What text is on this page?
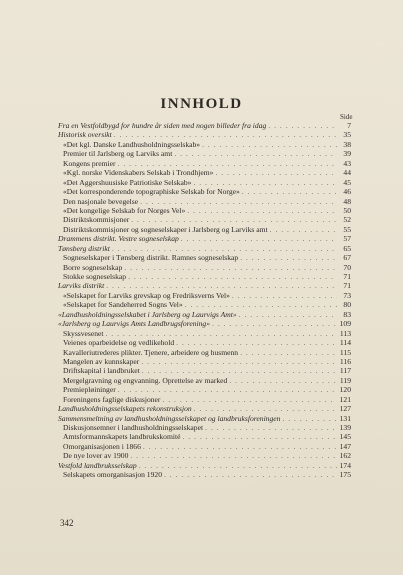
INNHOLD
Side
Fra en Vestfoldbygd for hundre år siden med nogen billeder fra idag . . .	7
Historisk oversikt . . .	35
«Det kgl. Danske Landhusholdningsselskab» . . .	38
Premier til Jarlsberg og Larviks amt . . .	39
Kongens premier . . .	43
«Kgl. norske Videnskabers Selskab i Trondhjem» . . .	44
«Det Aggershuusiske Patriotiske Selskab» . . .	45
«Det korresponderende topographiske Selskab for Norge» . . .	46
Den nasjonale bevegelse . . .	48
«Det kongelige Selskab for Norges Vel» . . .	50
Distriktskommisjoner . . .	52
Distriktskommisjoner og sogneselskaper i Jarlsberg og Larviks amt . . .	55
Drammens distrikt. Vestre sogneselskap . . .	57
Tønsberg distrikt . . .	65
Sogneselskaper i Tønsberg distrikt. Ramnes sogneselskap . . .	67
Borre sogneselskap . . .	70
Stokke sogneselskap . . .	71
Larviks distrikt . . .	71
«Selskapet for Larviks grevskap og Fredriksverns Vel» . . .	73
«Selskapet for Sandeherred Sogns Vel» . . .	80
«Landhusholdningsselskabet i Jarlsberg og Laurvigs Amt» . . .	83
«Jarlsberg og Laurvigs Amts Landbrugsforening» . . .	109
Skyssvesenet . . .	113
Veienes oparbeidelse og vedlikehold . . .	114
Kavalleriutrederes plikter. Tjenere, arbeidere og husmenn . . .	115
Mangelen av kunnskaper . . .	116
Driftskapital i landbruket . . .	117
Mergelgravning og engvanning. Oprettelse av marked . . .	119
Premiepløininger . . .	120
Foreningens faglige diskusjoner . . .	121
Landhusholdningsselskapets rekonstruksjon . . .	127
Sammensmeltning av landhusholdningsselskapet og landbruksforeningen . . .	131
Diskusjonsemner i landhusholdningsselskapet . . .	139
Amtsformannskapets landbrukskomité . . .	145
Omorganisasjonen i 1866 . . .	147
De nye lover av 1900 . . .	162
Vestfold landbruksselskap . . .	174
Selskapets omorganisasjon 1920 . . .	175
342
